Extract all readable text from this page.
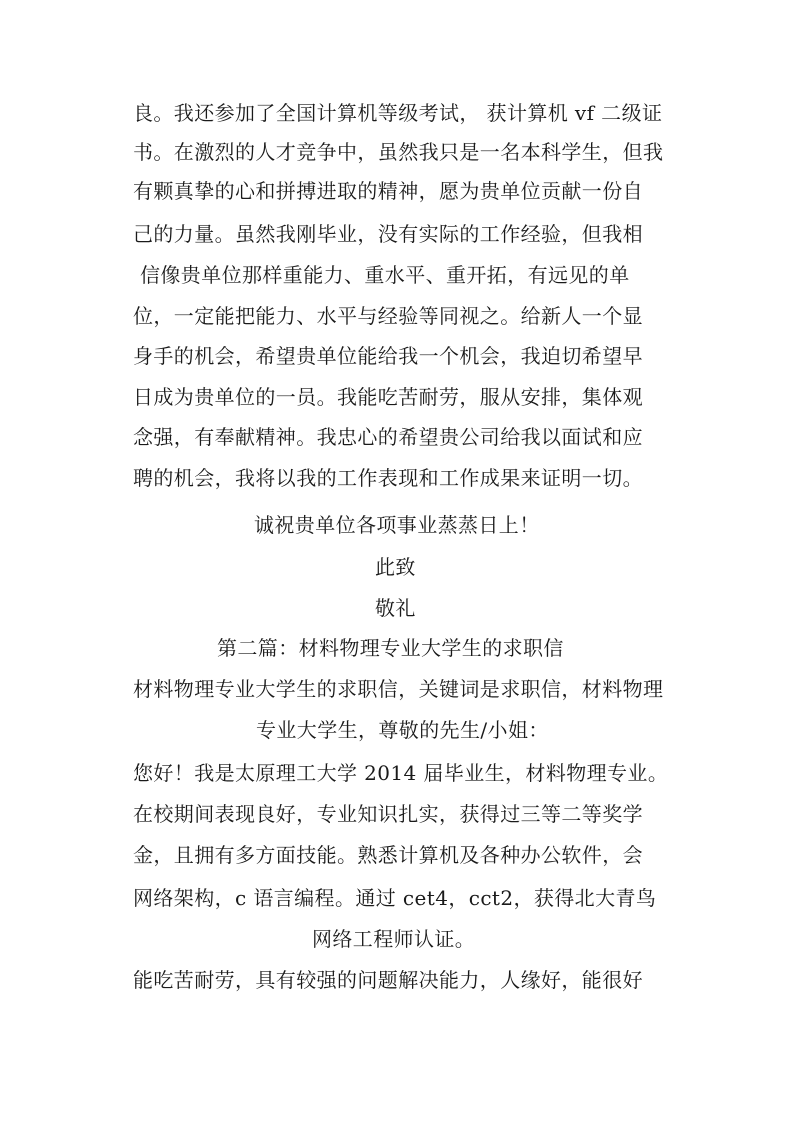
良。我还参加了全国计算机等级考试， 获计算机 vf 二级证
书。在激烈的人才竞争中，虽然我只是一名本科学生，但我
有颗真挚的心和拼搏进取的精神，愿为贵单位贡献一份自
己的力量。虽然我刚毕业，没有实际的工作经验，但我相
信像贵单位那样重能力、重水平、重开拓，有远见的单
位，一定能把能力、水平与经验等同视之。给新人一个显
身手的机会，希望贵单位能给我一个机会，我迫切希望早
日成为贵单位的一员。我能吃苦耐劳，服从安排，集体观
念强，有奉献精神。我忠心的希望贵公司给我以面试和应
聘的机会，我将以我的工作表现和工作成果来证明一切。
诚祝贵单位各项事业蒸蒸日上！
此致
敬礼
第二篇：材料物理专业大学生的求职信
材料物理专业大学生的求职信，关键词是求职信，材料物理
专业大学生，尊敬的先生/小姐：
您好！我是太原理工大学 2014 届毕业生，材料物理专业。
在校期间表现良好，专业知识扎实，获得过三等二等奖学
金，且拥有多方面技能。熟悉计算机及各种办公软件，会
网络架构，c 语言编程。通过 cet4，cct2，获得北大青鸟
网络工程师认证。
能吃苦耐劳，具有较强的问题解决能力，人缘好，能很好
